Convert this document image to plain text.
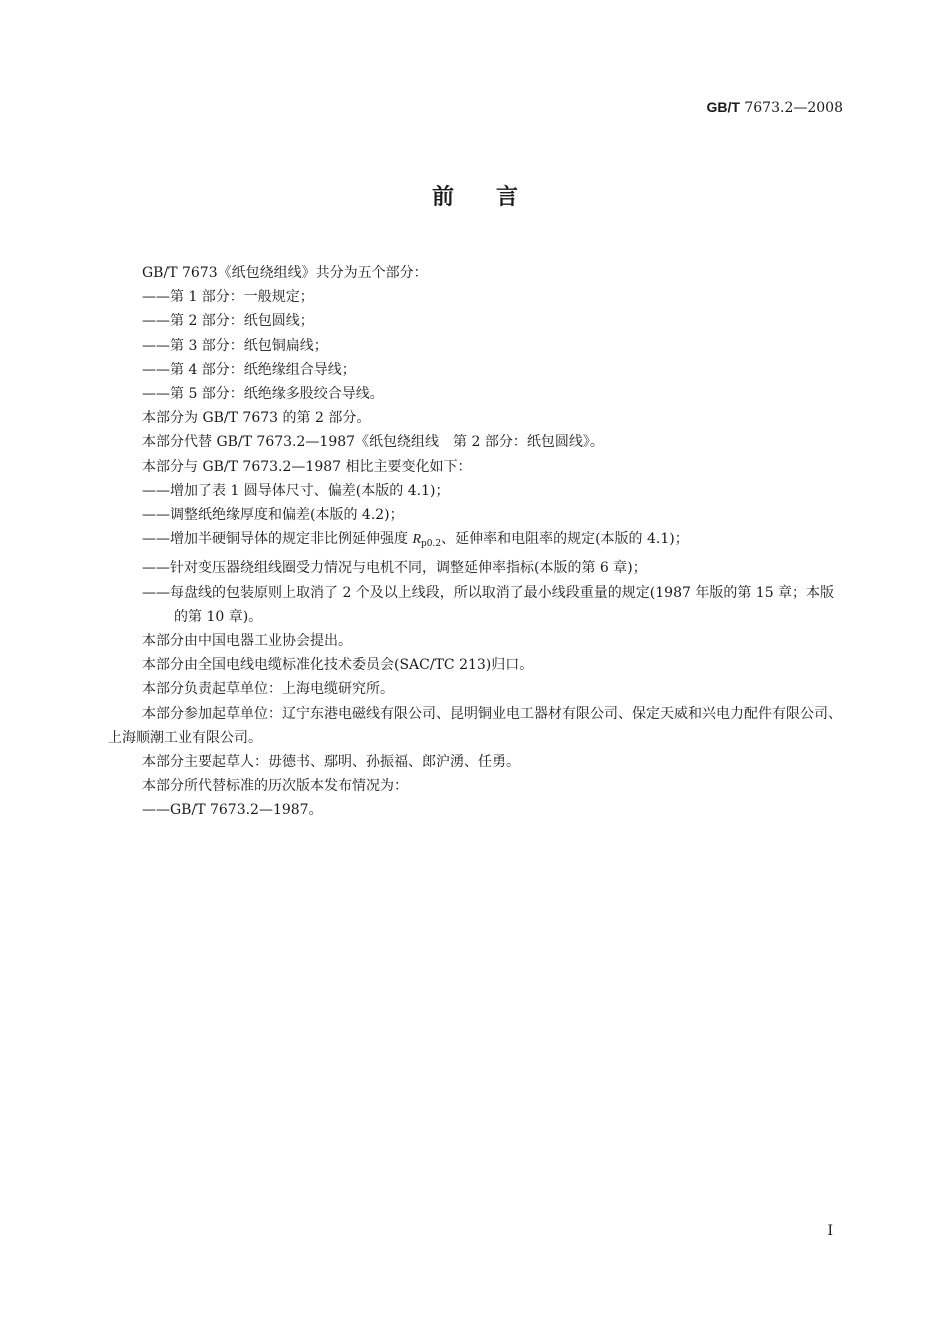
GB/T 7673.2—2008
前言
GB/T 7673《纸包绕组线》共分为五个部分：
——第 1 部分：一般规定；
——第 2 部分：纸包圆线；
——第 3 部分：纸包铜扁线；
——第 4 部分：纸绝缘组合导线；
——第 5 部分：纸绝缘多股绞合导线。
本部分为 GB/T 7673 的第 2 部分。
本部分代替 GB/T 7673.2—1987《纸包绕组线　第 2 部分：纸包圆线》。
本部分与 GB/T 7673.2—1987 相比主要变化如下：
——增加了表 1 圆导体尺寸、偏差(本版的 4.1)；
——调整纸绝缘厚度和偏差(本版的 4.2)；
——增加半硬铜导体的规定非比例延伸强度 $R_{p0.2}$、延伸率和电阻率的规定(本版的 4.1)；
——针对变压器绕组线圈受力情况与电机不同，调整延伸率指标(本版的第 6 章)；
——每盘线的包装原则上取消了 2 个及以上线段，所以取消了最小线段重量的规定(1987 年版的第 15 章；本版的第 10 章)。
本部分由中国电器工业协会提出。
本部分由全国电线电缆标准化技术委员会(SAC/TC 213)归口。
本部分负责起草单位：上海电缆研究所。
本部分参加起草单位：辽宁东港电磁线有限公司、昆明铜业电工器材有限公司、保定天威和兴电力配件有限公司、上海顺潮工业有限公司。
本部分主要起草人：毋德书、鄢明、孙振福、郎沪湧、任勇。
本部分所代替标准的历次版本发布情况为：
——GB/T 7673.2—1987。
I
